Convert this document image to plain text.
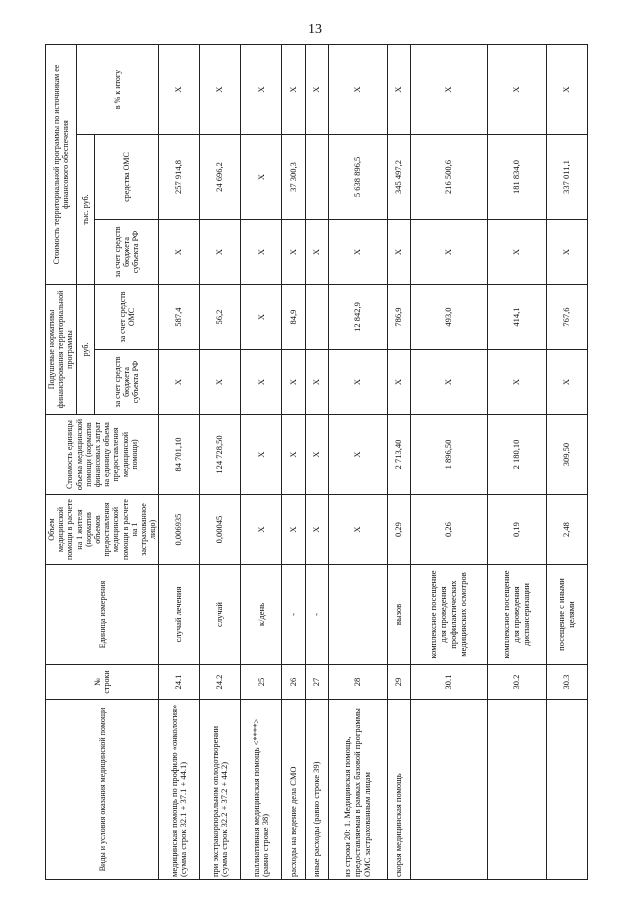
13
Виды и условия оказания медицинской помощи	№ строки	Единица измерения	Объем медицинской помощи в расчете на 1 жителя (норматив объемов предоставления медицинской помощи в расчете на 1 застрахованное лицо)	Стоимость единицы объема медицинской помощи (норматив финансовых затрат на единицу объема предоставления медицинской помощи)	Подушевые нормативы финансирования территориальной программы		Стоимость территориальной программы по источникам ее финансового обеспечения		
					руб.		тыс. руб.		в % к итогу
					за счет средств бюджета субъекта РФ	за счет средств ОМС	за счет средств бюджета субъекта РФ	средства ОМС	
медицинская помощь по профилю «онкология» (сумма строк 32.1 + 37.1 + 44.1)	24.1	случай лечения	0,006935	84 701,10	X	587,4	X	257 914,8	X
при экстракорпоральном оплодотворении (сумма строк 32.2 + 37.2 + 44.2)	24.2	случай	0,00045	124 728,50	X	56,2	X	24 696,2	X
паллиативная медицинская помощь <****> (равно строке 38)	25	к/день	X	X	X	X	X	X	X
расходы на ведение дела СМО	26	-	X	X	X	84,9	X	37 300,3	X
иные расходы (равно строке 39)	27	-	X	X	X		X		X
из строки 20: 1. Медицинская помощь, предоставляемая в рамках базовой программы ОМС застрахованным лицам	28		X	X	X	12 842,9	X	5 638 896,5	X
скорая медицинская помощь	29	вызов	0,29	2 713,40	X	786,9	X	345 497,2	X
	30.1	комплексное посещение для проведения профилактических медицинских осмотров	0,26	1 896,50	X	493,0	X	216 500,6	X
	30.2	комплексное посещение для проведения диспансеризации	0,19	2 180,10	X	414,1	X	181 834,0	X
	30.3	посещение с иными целями	2,48	309,50	X	767,6	X	337 011,1	X
